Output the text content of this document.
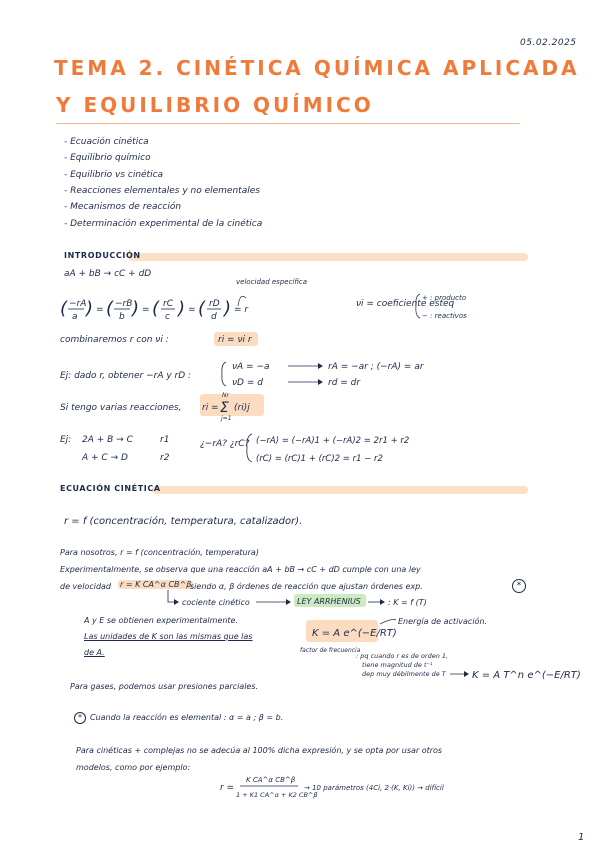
05.02.2025
TEMA 2. CINÉTICA QUÍMICA APLICADA
Y EQUILIBRIO QUÍMICO
- Ecuación cinética
- Equilibrio químico
- Equilibrio vs cinética
- Reacciones elementales y no elementales
- Mecanismos de reacción
- Determinación experimental de la cinética
INTRODUCCIÓN
aA + bB → cC + dD
( −rA
a ) = ( −rB
b ) = ( rC
c ) = ( rD
d ) = r
velocidad específica
νi = coeficiente esteq
+ : producto
− : reactivos
combinaremos r con νi :	ri = νi r
Ej: dado r, obtener −rA y rD :
νA = −a
νD = d
rA = −ar ; (−rA) = ar
rd = dr
Si tengo varias reacciones, ri =
Nr
Σ
j=1
(ri)j
Ej: 2A + B → C	r1
A + C → D	r2
¿−rA? ¿rC? (−rA) = (−rA)1 + (−rA)2 = 2r1 + r2
(rC) = (rC)1 + (rC)2 = r1 − r2
ECUACIÓN CINÉTICA
r = f (concentración, temperatura, catalizador).
Para nosotros, r = f (concentración, temperatura)
Experimentalmente, se observa que una reacción aA + bB → cC + dD cumple con una ley
de velocidad r = K CA^α CB^β
siendo α, β órdenes de reacción que ajustan órdenes exp.	*
cociente cinético	LEY ARRHENIUS	: K = f (T)
A y E se obtienen experimentalmente.
Las unidades de K son las mismas que las
de A.
K = A e^(−E/RT)
Energía de activación.
factor de frecuencia
: pq cuando r es de orden 1,
tiene magnitud de t⁻¹
dep muy débilmente de T	K = A T^n e^(−E/RT)
Para gases, podemos usar presiones parciales.
*	Cuando la reacción es elemental : α = a ; β = b.
Para cinéticas + complejas no se adecúa al 100% dicha expresión, y se opta por usar otros
modelos, como por ejemplo:
r =
K CA^α CB^β
1 + K1 CA^α + K2 CB^β
→ 10 parámetros (4Ci, 2·(K, Ki)) → difícil
1
